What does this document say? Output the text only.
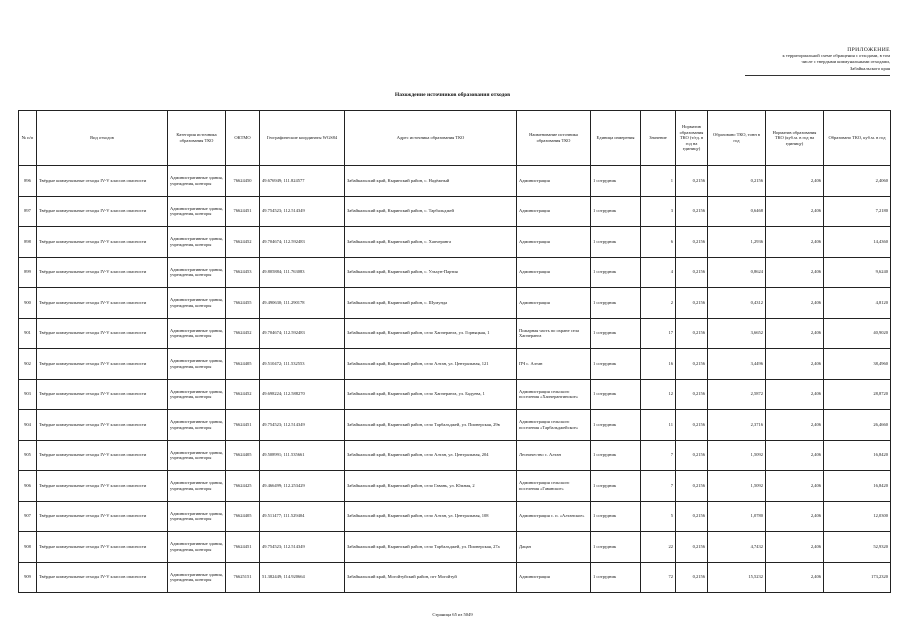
ПРИЛОЖЕНИЕ
к территориальной схеме обращения с отходами, в том
числе с твердыми коммунальными отходами,
Забайкальского края
Нахождение источников образования отходов
№ п/п	Вид отходов	Категория источника образования ТКО	ОКТМО	Географические координаты WGS84	Адрес источника образования ТКО	Наименование источника образования ТКО	Единица измерения	Значение	Норматив образования ТКО (т/ед. в год на единицу)	Образовано ТКО, тонн в год	Норматив образования ТКО (куб.м. в год на единицу)	Образовано ТКО, куб.м. в год
896	Твёрдые коммунальные отходы IV-V классов опасности	Административные здания, учреждения, конторы	76624450	49.676949; 111.824577	Забайкальский край, Кыринский район, с. Надёжный	Администрация	1 сотрудник	1	0,2156	0,2156	2,406	2,4060
897	Твёрдые коммунальные отходы IV-V классов опасности	Административные здания, учреждения, конторы	76624451	49.754523; 112.514349	Забайкальский край, Кыринский район, с. Тарбальджей	Администрация	1 сотрудник	3	0,2156	0,6468	2,406	7,2180
898	Твёрдые коммунальные отходы IV-V классов опасности	Административные здания, учреждения, конторы	76624452	49.704674; 112.592483	Забайкальский край, Кыринский район, с. Хапчеранга	Администрация	1 сотрудник	6	0,2156	1,2936	2,406	14,4360
899	Твёрдые коммунальные отходы IV-V классов опасности	Административные здания, учреждения, конторы	76624453	49.805884; 111.763083	Забайкальский край, Кыринский район, с. Ульхун-Партия	Администрация	1 сотрудник	4	0,2156	0,8624	2,406	9,6240
900	Твёрдые коммунальные отходы IV-V классов опасности	Административные здания, учреждения, конторы	76624455	49.490630; 111.290178	Забайкальский край, Кыринский район, с. Шумунда	Администрация	1 сотрудник	2	0,2156	0,4312	2,406	4,8120
901	Твёрдые коммунальные отходы IV-V классов опасности	Административные здания, учреждения, конторы	76624452	49.704674; 112.592483	Забайкальский край, Кыринский район, село Хапчеранга, ул. Горняцкая, 1	Пожарная часть по охране села Хапчеранга	1 сотрудник	17	0,2156	3,6652	2,406	40,9020
902	Твёрдые коммунальные отходы IV-V классов опасности	Административные здания, учреждения, конторы	76624405	49.510472; 111.532553	Забайкальский край, Кыринский район, село Алтан, ул. Центральная, 121	ПЧ с. Алтан	1 сотрудник	16	0,2156	3,4496	2,406	38,4960
903	Твёрдые коммунальные отходы IV-V классов опасности	Административные здания, учреждения, конторы	76624452	49.698224; 112.588270	Забайкальский край, Кыринский район, село Хапчеранга, ул. Бадуева, 1	Администрация сельского поселения «Хапчерангинское»	1 сотрудник	12	0,2156	2,5872	2,406	28,8720
904	Твёрдые коммунальные отходы IV-V классов опасности	Административные здания, учреждения, конторы	76624451	49.754523; 112.514349	Забайкальский край, Кыринский район, село Тарбальджей, ул. Пионерская, 29в	Администрация сельского поселения «Тарбальджейское»	1 сотрудник	11	0,2156	2,3716	2,406	26,4660
905	Твёрдые коммунальные отходы IV-V классов опасности	Административные здания, учреждения, конторы	76624405	49.508991; 111.535661	Забайкальский край, Кыринский район, село Алтан, ул. Центральная, 204	Лесничество с. Алтан	1 сотрудник	7	0,2156	1,5092	2,406	16,8420
906	Твёрдые коммунальные отходы IV-V классов опасности	Административные здания, учреждения, конторы	76624425	49.466499; 112.253429	Забайкальский край, Кыринский район, село Гавань, ул. Южная, 2	Администрация сельского поселения «Гаванское»	1 сотрудник	7	0,2156	1,5092	2,406	16,8420
907	Твёрдые коммунальные отходы IV-V классов опасности	Административные здания, учреждения, конторы	76624405	49.511477; 111.529404	Забайкальский край, Кыринский район, село Алтан, ул. Центральная, 108	Администрация с. п. «Алтанское»	1 сотрудник	5	0,2156	1,0780	2,406	12,0300
908	Твёрдые коммунальные отходы IV-V классов опасности	Административные здания, учреждения, конторы	76624451	49.754523; 112.514349	Забайкальский край, Кыринский район, село Тарбальджей, ул. Пионерская, 27а	Дацан	1 сотрудник	22	0,2156	4,7432	2,406	52,9320
909	Твёрдые коммунальные отходы IV-V классов опасности	Административные здания, учреждения, конторы	76625151	51.382449; 114.920664	Забайкальский край, Могойтуйский район, пгт Могойтуй	Администрация	1 сотрудник	72	0,2156	15,5232	2,406	173,2320
Страница 65 из 5049
